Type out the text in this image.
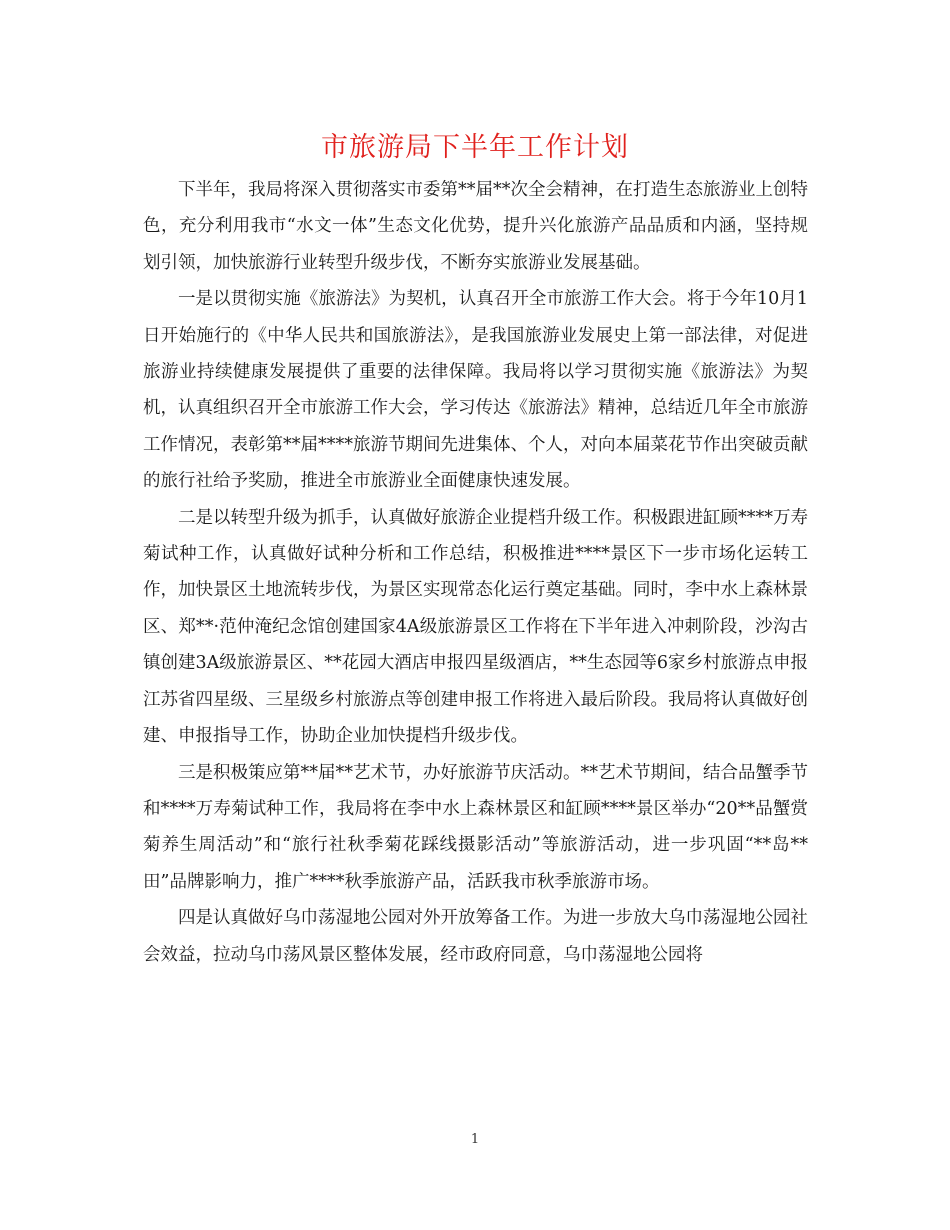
市旅游局下半年工作计划

下半年，我局将深入贯彻落实市委第**届**次全会精神，在打造生态旅游业上创特色，充分利用我市“水文一体”生态文化优势，提升兴化旅游产品品质和内涵，坚持规划引领，加快旅游行业转型升级步伐，不断夯实旅游业发展基础。

一是以贯彻实施《旅游法》为契机，认真召开全市旅游工作大会。将于今年10月1日开始施行的《中华人民共和国旅游法》，是我国旅游业发展史上第一部法律，对促进旅游业持续健康发展提供了重要的法律保障。我局将以学习贯彻实施《旅游法》为契机，认真组织召开全市旅游工作大会，学习传达《旅游法》精神，总结近几年全市旅游工作情况，表彰第**届****旅游节期间先进集体、个人，对向本届菜花节作出突破贡献的旅行社给予奖励，推进全市旅游业全面健康快速发展。

二是以转型升级为抓手，认真做好旅游企业提档升级工作。积极跟进缸顾****万寿菊试种工作，认真做好试种分析和工作总结，积极推进****景区下一步市场化运转工作，加快景区土地流转步伐，为景区实现常态化运行奠定基础。同时，李中水上森林景区、郑**·范仲淹纪念馆创建国家4A级旅游景区工作将在下半年进入冲刺阶段，沙沟古镇创建3A级旅游景区、**花园大酒店申报四星级酒店，**生态园等6家乡村旅游点申报江苏省四星级、三星级乡村旅游点等创建申报工作将进入最后阶段。我局将认真做好创建、申报指导工作，协助企业加快提档升级步伐。

三是积极策应第**届**艺术节，办好旅游节庆活动。**艺术节期间，结合品蟹季节和****万寿菊试种工作，我局将在李中水上森林景区和缸顾****景区举办“20**品蟹赏菊养生周活动”和“旅行社秋季菊花踩线摄影活动”等旅游活动，进一步巩固“**岛**田”品牌影响力，推广****秋季旅游产品，活跃我市秋季旅游市场。

四是认真做好乌巾荡湿地公园对外开放筹备工作。为进一步放大乌巾荡湿地公园社会效益，拉动乌巾荡风景区整体发展，经市政府同意，乌巾荡湿地公园将

1
